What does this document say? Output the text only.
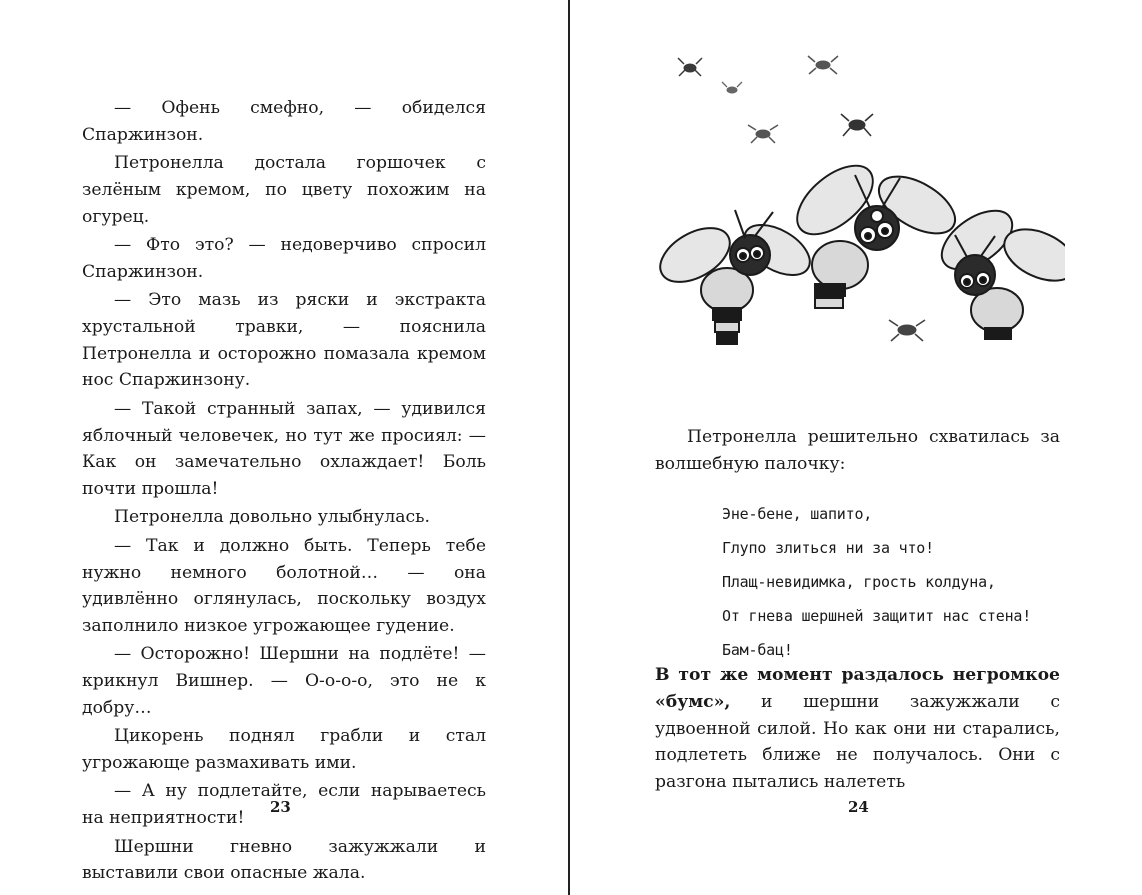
— Офень смефно, — обиделся Спаржинзон.

Петронелла достала горшочек с зелёным кремом, по цвету похожим на огурец.

— Фто это? — недоверчиво спросил Спаржинзон.

— Это мазь из ряски и экстракта хрустальной травки, — пояснила Петронелла и осторожно помазала кремом нос Спаржинзону.

— Такой странный запах, — удивился яблочный человечек, но тут же просиял: — Как он замечательно охлаждает! Боль почти прошла!

Петронелла довольно улыбнулась.

— Так и должно быть. Теперь тебе нужно немного болотной… — она удивлённо оглянулась, поскольку воздух заполнило низкое угрожающее гудение.

— Осторожно! Шершни на подлёте! — крикнул Вишнер. — О-о-о-о, это не к добру…

Цикорень поднял грабли и стал угрожающе размахивать ими.

— А ну подлетайте, если нарываетесь на неприятности!

Шершни гневно зажужжали и выставили свои опасные жала.

23

Петронелла решительно схватилась за волшебную палочку:

Эне-бене, шапито,
Глупо злиться ни за что!
Плащ-невидимка, грость колдуна,
От гнева шершней защитит нас стена!
Бам-бац!
В тот же момент раздалось негромкое «бумс», и шершни зажужжали с удвоенной силой. Но как они ни старались, подлететь ближе не получалось. Они с разгона пытались налететь
24
